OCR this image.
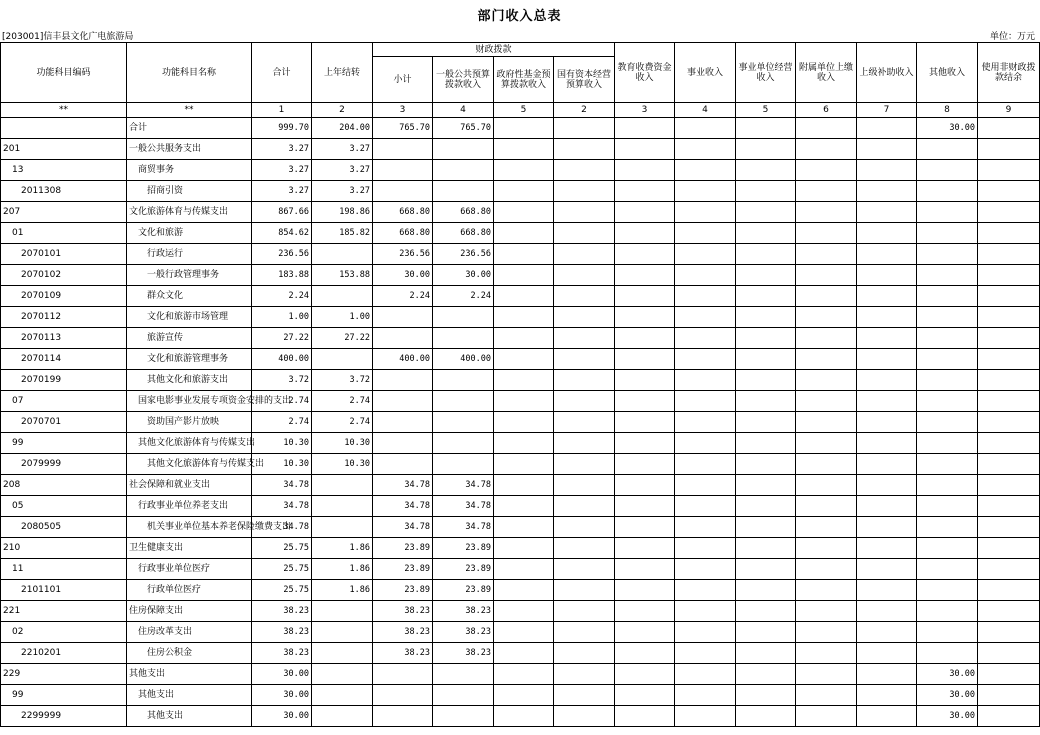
部门收入总表
[203001]信丰县文化广电旅游局	单位：万元
功能科目编码	功能科目名称	合计	上年结转	财政拨款				教育收费资金收入	事业收入	事业单位经营收入	附属单位上缴收入	上级补助收入	其他收入	使用非财政拨款结余
				小计	一般公共预算拨款收入	政府性基金预算拨款收入	国有资本经营预算收入							
**	**	1	2	3	4	5	2	3	4	5	6	7	8	9
	合计	999.70	204.00	765.70	765.70								30.00	
201	一般公共服务支出	3.27	3.27											
13	商贸事务	3.27	3.27											
2011308	招商引资	3.27	3.27											
207	文化旅游体育与传媒支出	867.66	198.86	668.80	668.80									
01	文化和旅游	854.62	185.82	668.80	668.80									
2070101	行政运行	236.56		236.56	236.56									
2070102	一般行政管理事务	183.88	153.88	30.00	30.00									
2070109	群众文化	2.24		2.24	2.24									
2070112	文化和旅游市场管理	1.00	1.00											
2070113	旅游宣传	27.22	27.22											
2070114	文化和旅游管理事务	400.00		400.00	400.00									
2070199	其他文化和旅游支出	3.72	3.72											
07	国家电影事业发展专项资金安排的支出	2.74	2.74											
2070701	资助国产影片放映	2.74	2.74											
99	其他文化旅游体育与传媒支出	10.30	10.30											
2079999	其他文化旅游体育与传媒支出	10.30	10.30											
208	社会保障和就业支出	34.78		34.78	34.78									
05	行政事业单位养老支出	34.78		34.78	34.78									
2080505	机关事业单位基本养老保险缴费支出	34.78		34.78	34.78									
210	卫生健康支出	25.75	1.86	23.89	23.89									
11	行政事业单位医疗	25.75	1.86	23.89	23.89									
2101101	行政单位医疗	25.75	1.86	23.89	23.89									
221	住房保障支出	38.23		38.23	38.23									
02	住房改革支出	38.23		38.23	38.23									
2210201	住房公积金	38.23		38.23	38.23									
229	其他支出	30.00											30.00	
99	其他支出	30.00											30.00	
2299999	其他支出	30.00											30.00	
